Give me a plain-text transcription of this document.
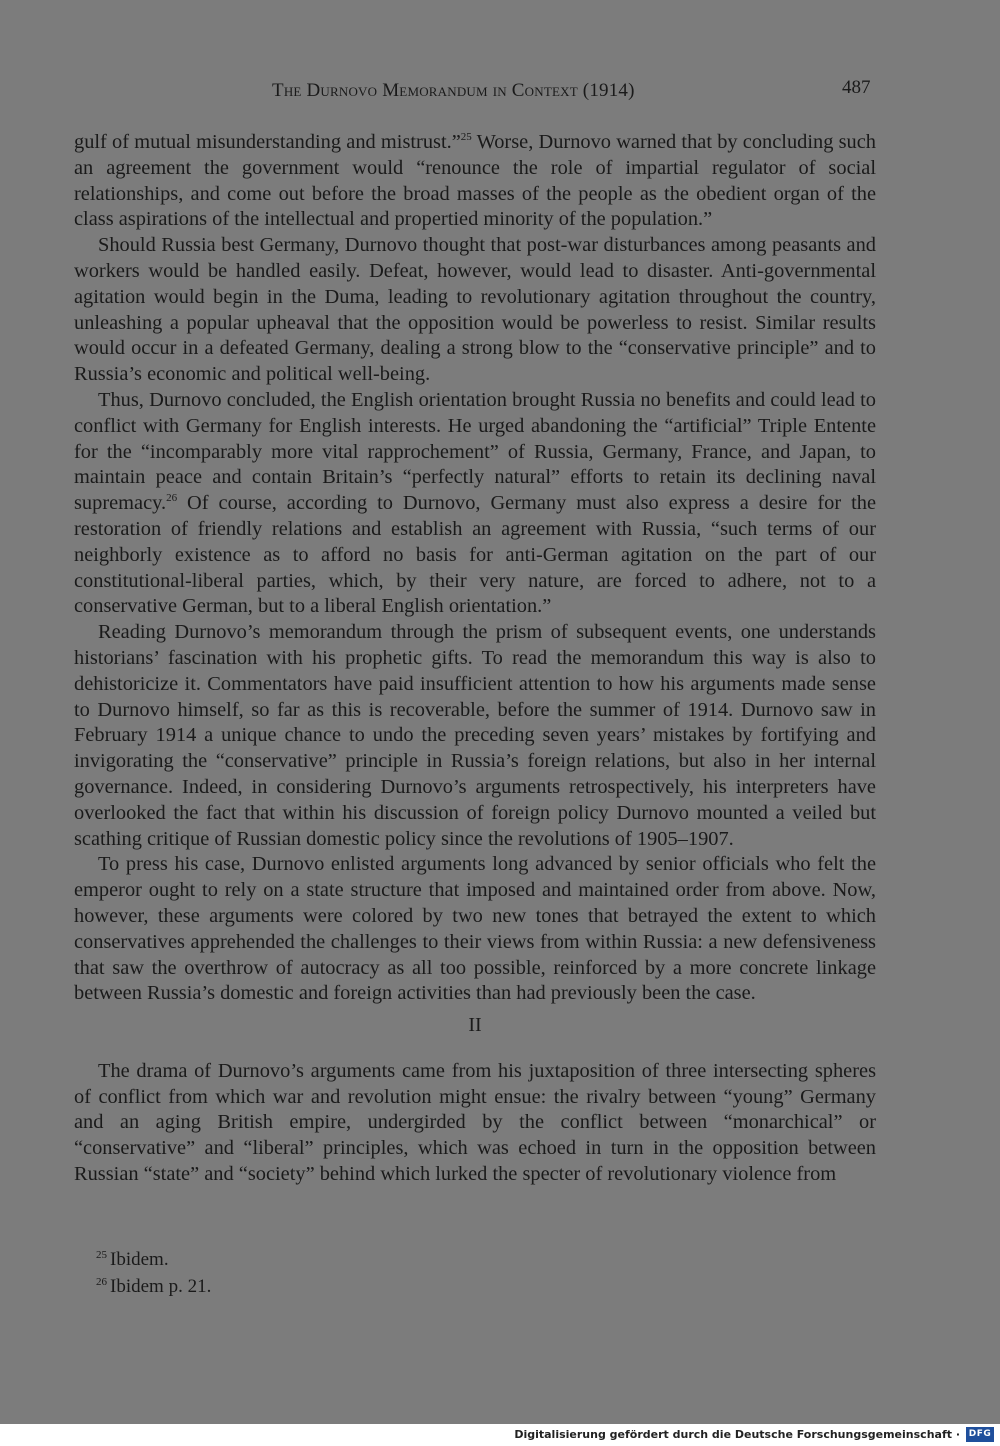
The Durnovo Memorandum in Context (1914)	487

gulf of mutual misunderstanding and mistrust.”$^{25}$ Worse, Durnovo warned that by concluding such an agreement the government would “renounce the role of impartial regulator of social relationships, and come out before the broad masses of the people as the obedient organ of the class aspirations of the intellectual and propertied minority of the population.”

Should Russia best Germany, Durnovo thought that post-war disturbances among peasants and workers would be handled easily. Defeat, however, would lead to disaster. Anti-governmental agitation would begin in the Duma, leading to revolutionary agitation throughout the country, unleashing a popular upheaval that the opposition would be powerless to resist. Similar results would occur in a defeated Germany, dealing a strong blow to the “conservative principle” and to Russia’s economic and political well-being.

Thus, Durnovo concluded, the English orientation brought Russia no benefits and could lead to conflict with Germany for English interests. He urged abandoning the “artificial” Triple Entente for the “incomparably more vital rapprochement” of Russia, Germany, France, and Japan, to maintain peace and contain Britain’s “perfectly natural” efforts to retain its declining naval supremacy.$^{26}$ Of course, according to Durnovo, Germany must also express a desire for the restoration of friendly relations and establish an agreement with Russia, “such terms of our neighborly existence as to afford no basis for anti-German agitation on the part of our constitutional-liberal parties, which, by their very nature, are forced to adhere, not to a conservative German, but to a liberal English orientation.”

Reading Durnovo’s memorandum through the prism of subsequent events, one understands historians’ fascination with his prophetic gifts. To read the memorandum this way is also to dehistoricize it. Commentators have paid insufficient attention to how his arguments made sense to Durnovo himself, so far as this is recoverable, before the summer of 1914. Durnovo saw in February 1914 a unique chance to undo the preceding seven years’ mistakes by fortifying and invigorating the “conservative” principle in Russia’s foreign relations, but also in her internal governance. Indeed, in considering Durnovo’s arguments retrospectively, his interpreters have overlooked the fact that within his discussion of foreign policy Durnovo mounted a veiled but scathing critique of Russian domestic policy since the revolutions of 1905–1907.

To press his case, Durnovo enlisted arguments long advanced by senior officials who felt the emperor ought to rely on a state structure that imposed and maintained order from above. Now, however, these arguments were colored by two new tones that betrayed the extent to which conservatives apprehended the challenges to their views from within Russia: a new defensiveness that saw the overthrow of autocracy as all too possible, reinforced by a more concrete linkage between Russia’s domestic and foreign activities than had previously been the case.

II

The drama of Durnovo’s arguments came from his juxtaposition of three intersecting spheres of conflict from which war and revolution might ensue: the rivalry between “young” Germany and an aging British empire, undergirded by the conflict between “monarchical” or “conservative” and “liberal” principles, which was echoed in turn in the opposition between Russian “state” and “society” behind which lurked the specter of revolutionary violence from

$^{25}$ Ibidem.
$^{26}$ Ibidem p. 21.
Digitalisierung gefördert durch die Deutsche Forschungsgemeinschaft · DFG
